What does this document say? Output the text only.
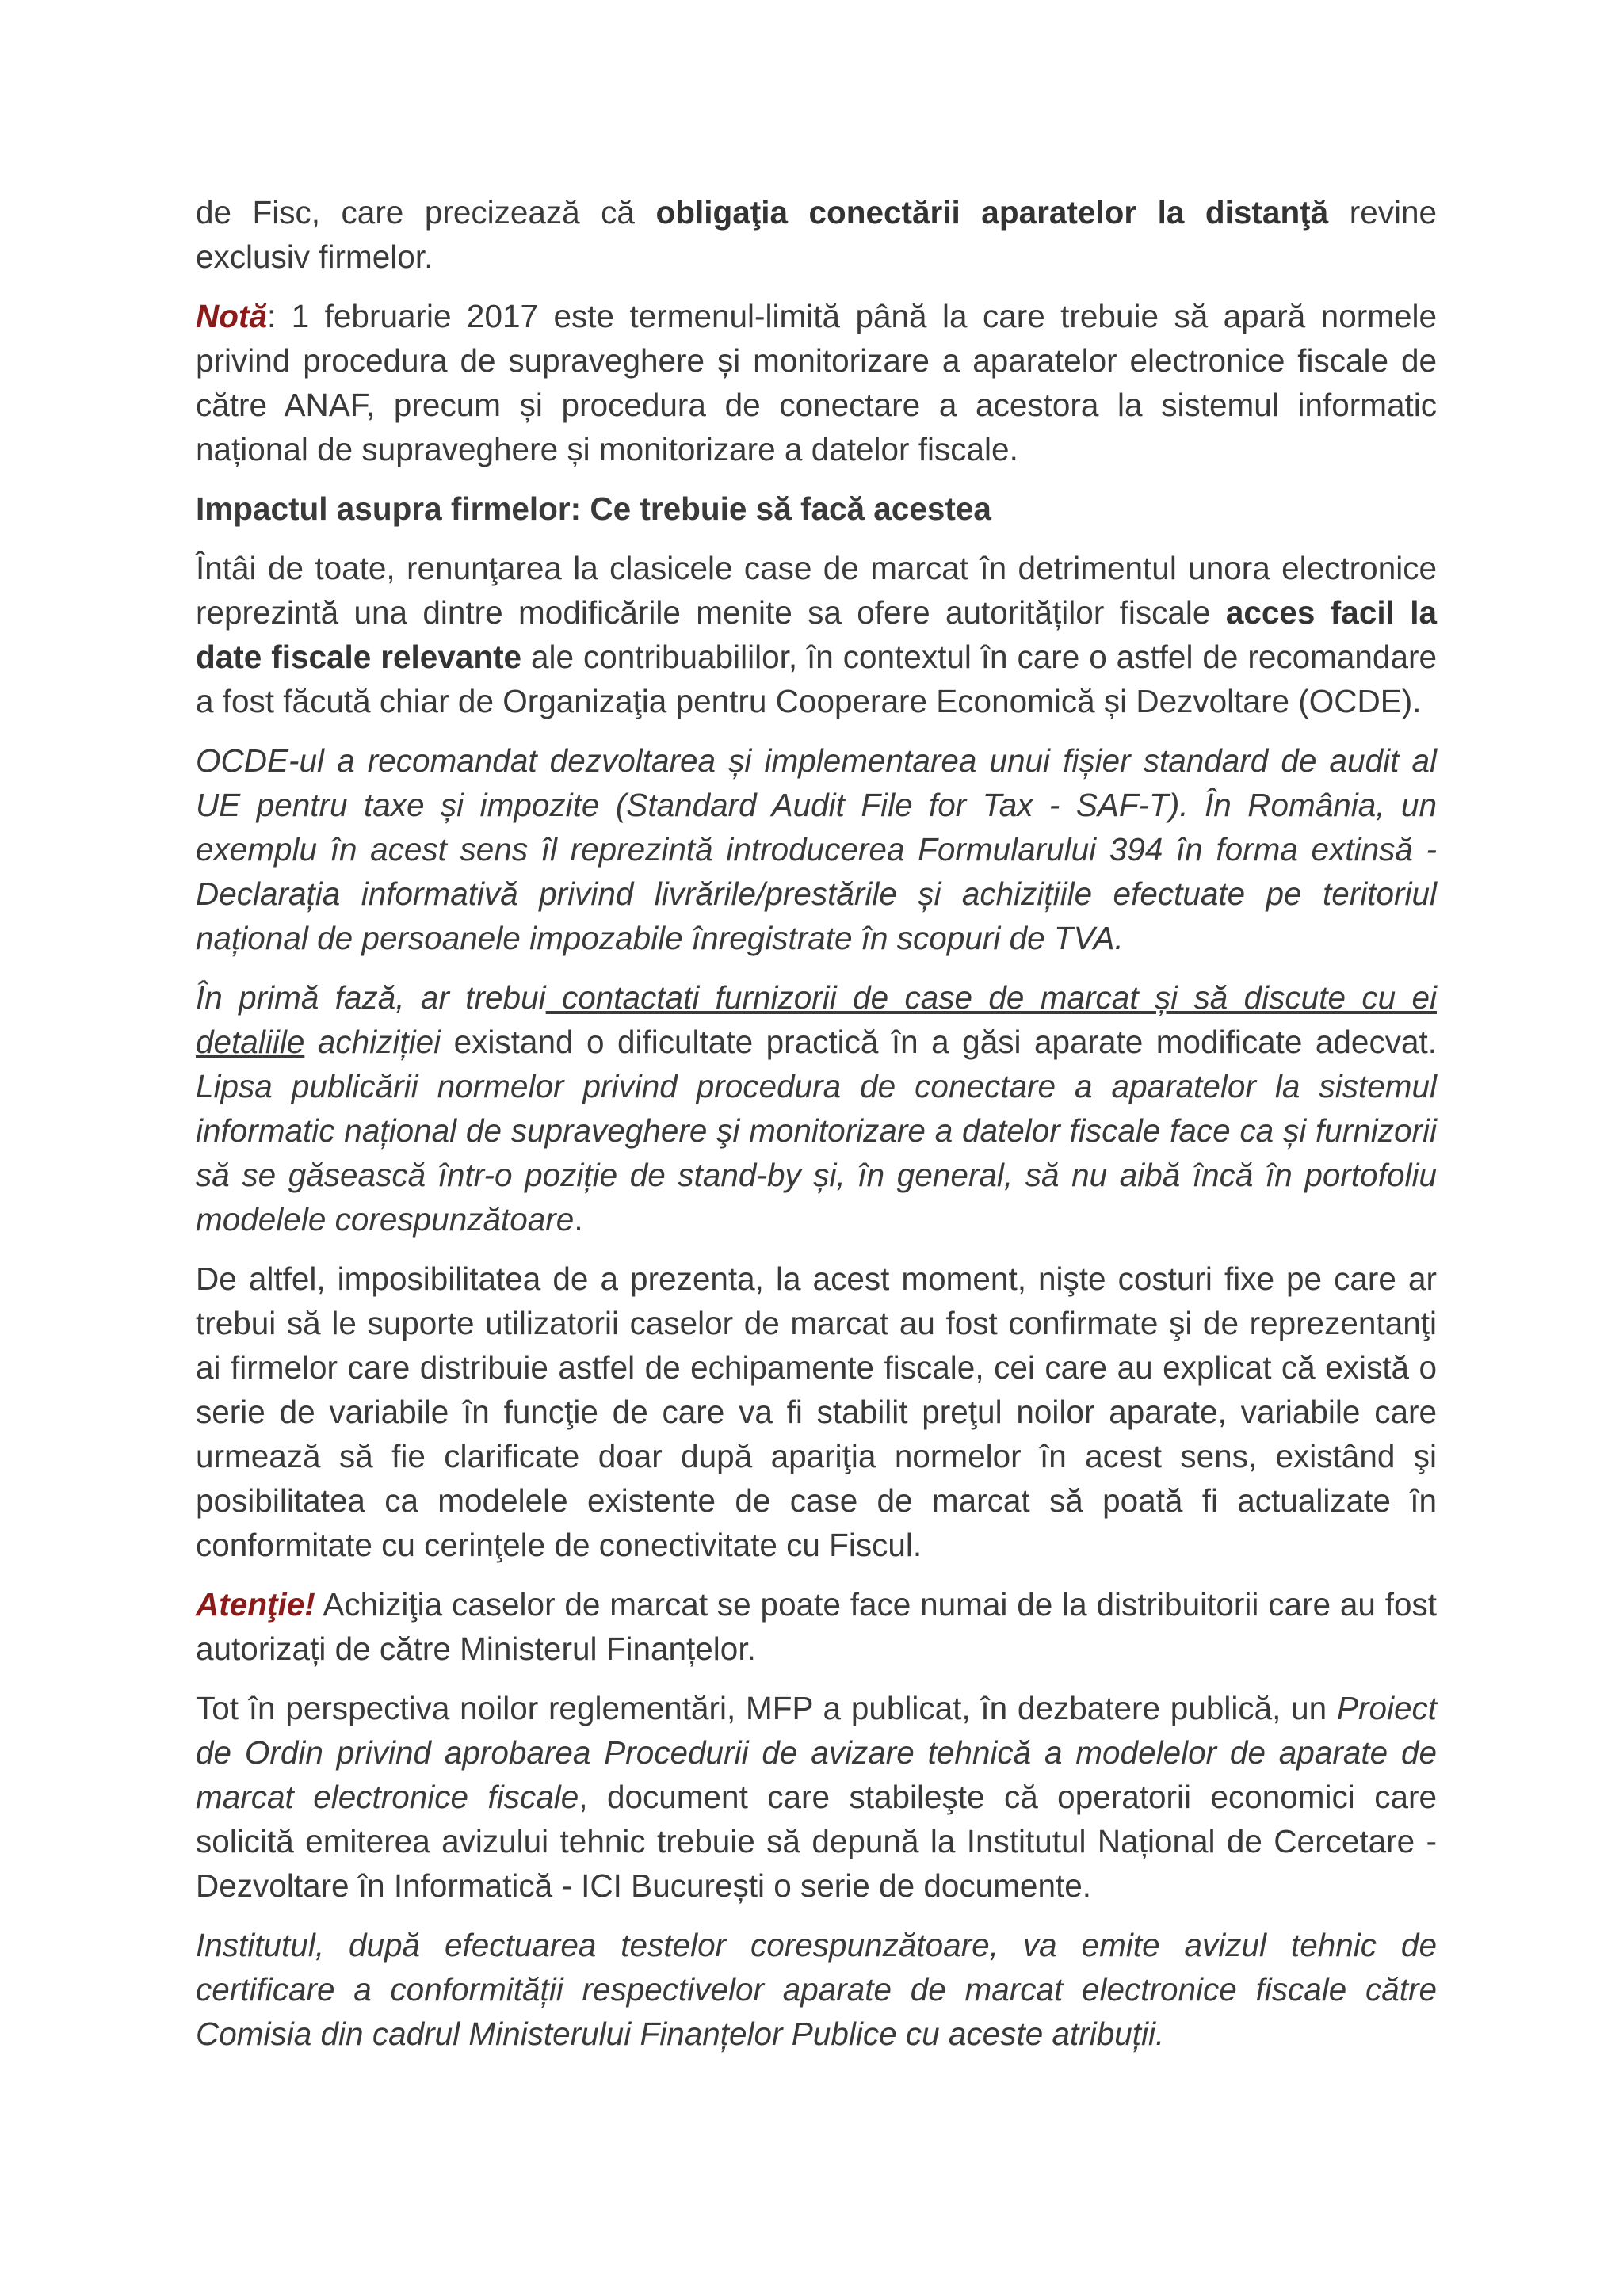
de Fisc, care precizează că obligaţia conectării aparatelor la distanţă revine exclusiv firmelor.

Notă: 1 februarie 2017 este termenul-limită până la care trebuie să apară normele privind procedura de supraveghere și monitorizare a aparatelor electronice fiscale de către ANAF, precum și procedura de conectare a acestora la sistemul informatic național de supraveghere și monitorizare a datelor fiscale.

Impactul asupra firmelor: Ce trebuie să facă acestea

Întâi de toate, renunţarea la clasicele case de marcat în detrimentul unora electronice reprezintă una dintre modificările menite sa ofere autorităților fiscale acces facil la date fiscale relevante ale contribuabililor, în contextul în care o astfel de recomandare a fost făcută chiar de Organizaţia pentru Cooperare Economică și Dezvoltare (OCDE).

OCDE-ul a recomandat dezvoltarea și implementarea unui fișier standard de audit al UE pentru taxe și impozite (Standard Audit File for Tax - SAF-T). În România, un exemplu în acest sens îl reprezintă introducerea Formularului 394 în forma extinsă - Declarația informativă privind livrările/prestările și achizițiile efectuate pe teritoriul național de persoanele impozabile înregistrate în scopuri de TVA.

În primă fază, ar trebui contactati furnizorii de case de marcat și să discute cu ei detaliile achiziției existand o dificultate practică în a găsi aparate modificate adecvat. Lipsa publicării normelor privind procedura de conectare a aparatelor la sistemul informatic național de supraveghere şi monitorizare a datelor fiscale face ca și furnizorii să se găsească într-o poziție de stand-by și, în general, să nu aibă încă în portofoliu modelele corespunzătoare.

De altfel, imposibilitatea de a prezenta, la acest moment, nişte costuri fixe pe care ar trebui să le suporte utilizatorii caselor de marcat au fost confirmate şi de reprezentanţi ai firmelor care distribuie astfel de echipamente fiscale, cei care au explicat că există o serie de variabile în funcţie de care va fi stabilit preţul noilor aparate, variabile care urmează să fie clarificate doar după apariţia normelor în acest sens, existând şi posibilitatea ca modelele existente de case de marcat să poată fi actualizate în conformitate cu cerinţele de conectivitate cu Fiscul.

Atenţie! Achiziţia caselor de marcat se poate face numai de la distribuitorii care au fost autorizați de către Ministerul Finanțelor.

Tot în perspectiva noilor reglementări, MFP a publicat, în dezbatere publică, un Proiect de Ordin privind aprobarea Procedurii de avizare tehnică a modelelor de aparate de marcat electronice fiscale, document care stabileşte că operatorii economici care solicită emiterea avizului tehnic trebuie să depună la Institutul Național de Cercetare - Dezvoltare în Informatică - ICI București o serie de documente.

Institutul, după efectuarea testelor corespunzătoare, va emite avizul tehnic de certificare a conformității respectivelor aparate de marcat electronice fiscale către Comisia din cadrul Ministerului Finanțelor Publice cu aceste atribuții.
